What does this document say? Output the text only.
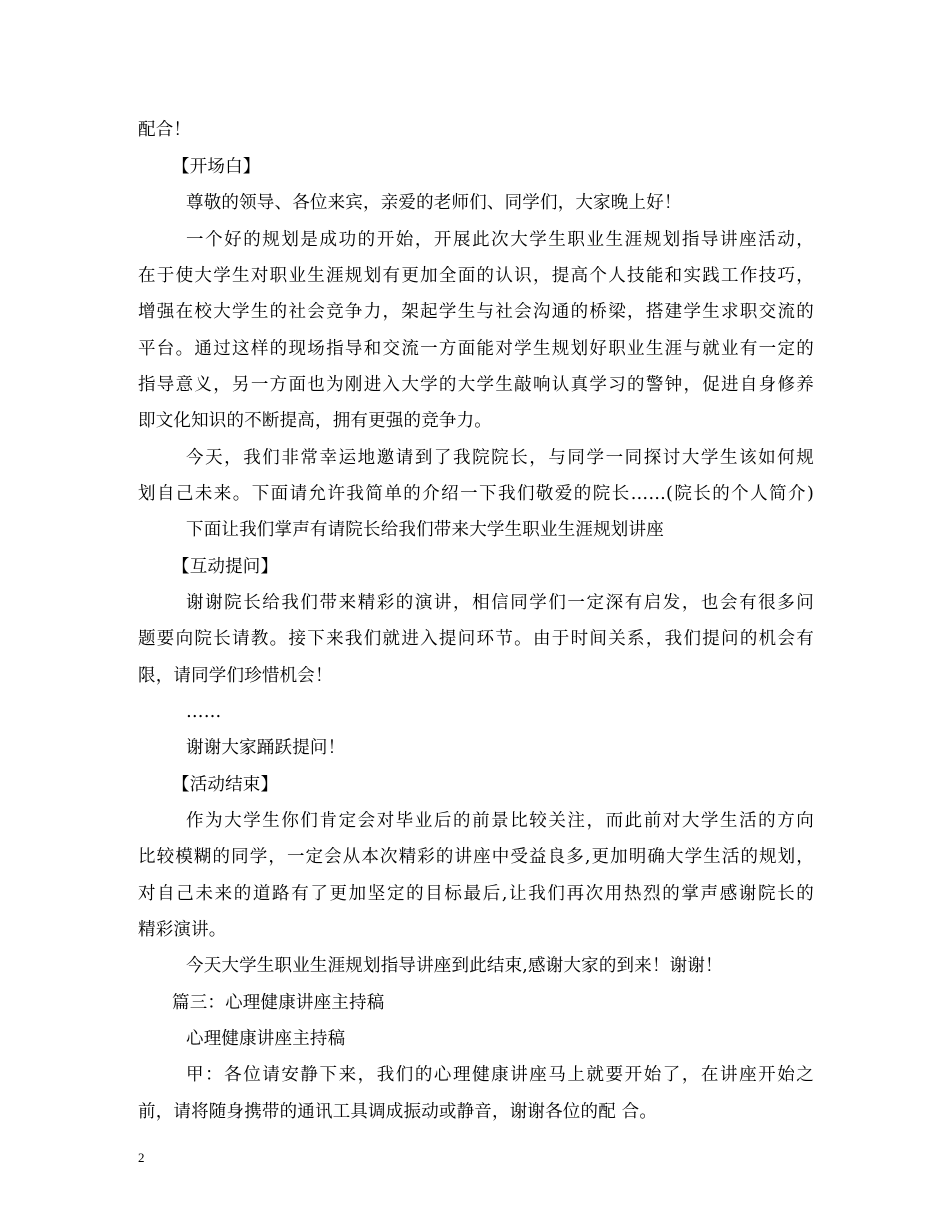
配合！
【开场白】
尊敬的领导、各位来宾，亲爱的老师们、同学们，大家晚上好！
一个好的规划是成功的开始，开展此次大学生职业生涯规划指导讲座活动，
在于使大学生对职业生涯规划有更加全面的认识，提高个人技能和实践工作技巧，
增强在校大学生的社会竞争力，架起学生与社会沟通的桥梁，搭建学生求职交流的
平台。通过这样的现场指导和交流一方面能对学生规划好职业生涯与就业有一定的
指导意义，另一方面也为刚进入大学的大学生敲响认真学习的警钟，促进自身修养
即文化知识的不断提高，拥有更强的竞争力。
今天，我们非常幸运地邀请到了我院院长，与同学一同探讨大学生该如何规
划自己未来。下面请允许我简单的介绍一下我们敬爱的院长……(院长的个人简介)
下面让我们掌声有请院长给我们带来大学生职业生涯规划讲座
【互动提问】
谢谢院长给我们带来精彩的演讲，相信同学们一定深有启发，也会有很多问
题要向院长请教。接下来我们就进入提问环节。由于时间关系，我们提问的机会有
限，请同学们珍惜机会！
……
谢谢大家踊跃提问！
【活动结束】
作为大学生你们肯定会对毕业后的前景比较关注，而此前对大学生活的方向
比较模糊的同学，一定会从本次精彩的讲座中受益良多,更加明确大学生活的规划，
对自己未来的道路有了更加坚定的目标最后,让我们再次用热烈的掌声感谢院长的
精彩演讲。
今天大学生职业生涯规划指导讲座到此结束,感谢大家的到来！谢谢！
篇三：心理健康讲座主持稿
心理健康讲座主持稿
甲：各位请安静下来，我们的心理健康讲座马上就要开始了，在讲座开始之
前，请将随身携带的通讯工具调成振动或静音，谢谢各位的配 合。
2
